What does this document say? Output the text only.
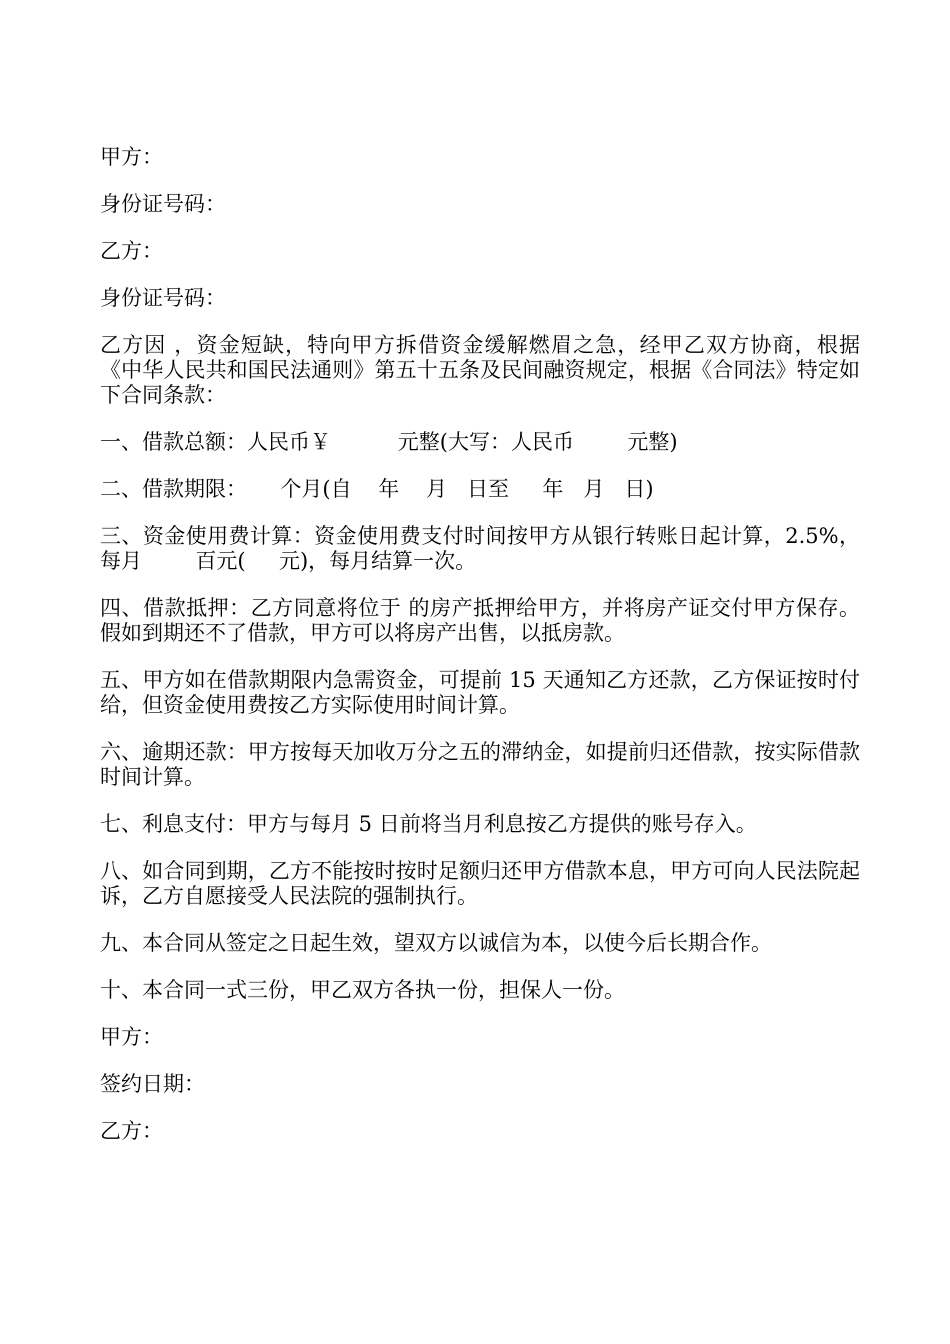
甲方：

身份证号码：

乙方：

身份证号码：

乙方因 ，资金短缺，特向甲方拆借资金缓解燃眉之急，经甲乙双方协商，根据《中华人民共和国民法通则》第五十五条及民间融资规定，根据《合同法》特定如下合同条款：

一、借款总额：人民币￥          元整(大写：人民币        元整)

二、借款期限：     个月(自    年    月   日至     年   月   日)

三、资金使用费计算：资金使用费支付时间按甲方从银行转账日起计算，2.5%，每月        百元(     元)，每月结算一次。

四、借款抵押：乙方同意将位于 的房产抵押给甲方，并将房产证交付甲方保存。假如到期还不了借款，甲方可以将房产出售，以抵房款。

五、甲方如在借款期限内急需资金，可提前 15 天通知乙方还款，乙方保证按时付给，但资金使用费按乙方实际使用时间计算。

六、逾期还款：甲方按每天加收万分之五的滞纳金，如提前归还借款，按实际借款时间计算。

七、利息支付：甲方与每月 5 日前将当月利息按乙方提供的账号存入。

八、如合同到期，乙方不能按时按时足额归还甲方借款本息，甲方可向人民法院起诉，乙方自愿接受人民法院的强制执行。

九、本合同从签定之日起生效，望双方以诚信为本，以使今后长期合作。

十、本合同一式三份，甲乙双方各执一份，担保人一份。

甲方：

签约日期：

乙方：
